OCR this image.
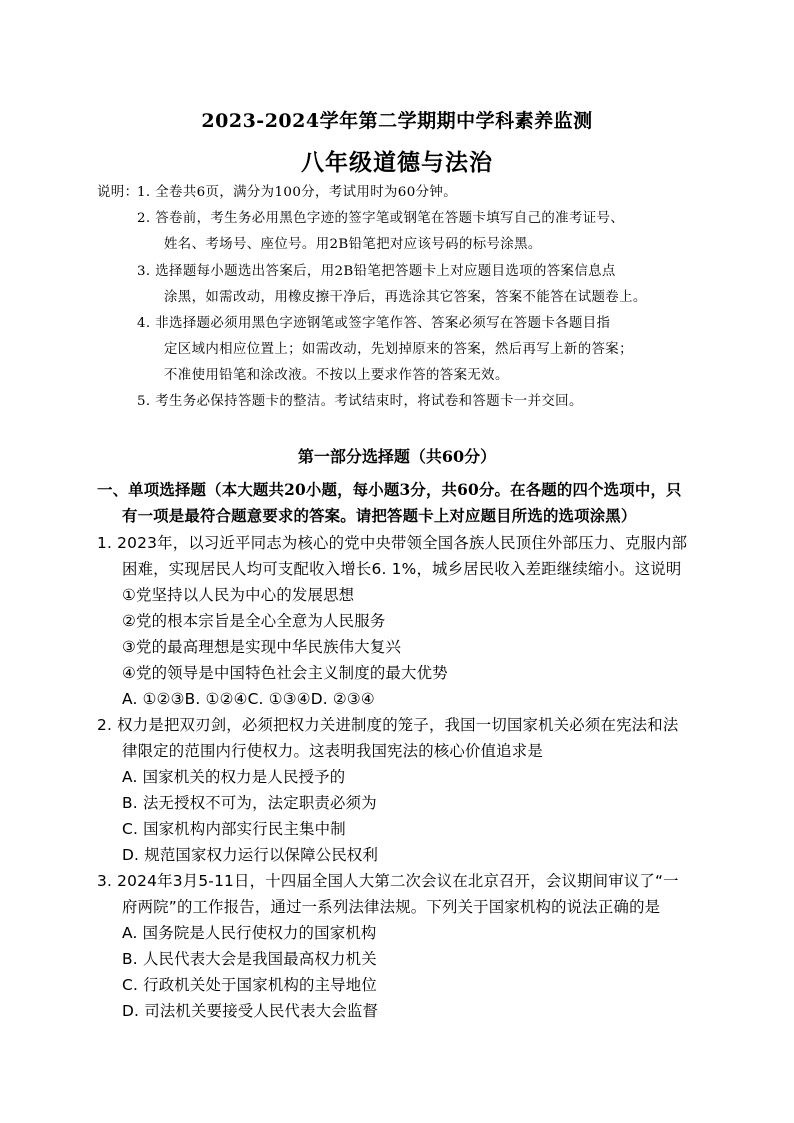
2023-2024学年第二学期期中学科素养监测
八年级道德与法治
说明：
1. 全卷共6页，满分为100分，考试用时为60分钟。
2. 答卷前，考生务必用黑色字迹的签字笔或钢笔在答题卡填写自己的准考证号、
姓名、考场号、座位号。用2B铅笔把对应该号码的标号涂黑。
3. 选择题每小题选出答案后，用2B铅笔把答题卡上对应题目选项的答案信息点
涂黑，如需改动，用橡皮擦干净后，再选涂其它答案，答案不能答在试题卷上。
4. 非选择题必须用黑色字迹钢笔或签字笔作答、答案必须写在答题卡各题目指
定区域内相应位置上；如需改动，先划掉原来的答案，然后再写上新的答案；
不准使用铅笔和涂改液。不按以上要求作答的答案无效。
5. 考生务必保持答题卡的整洁。考试结束时，将试卷和答题卡一并交回。
第一部分选择题（共60分）
一、单项选择题（本大题共20小题，每小题3分，共60分。在各题的四个选项中，只
有一项是最符合题意要求的答案。请把答题卡上对应题目所选的选项涂黑）
1. 2023年，以习近平同志为核心的党中央带领全国各族人民顶住外部压力、克服内部
困难，实现居民人均可支配收入增长6. 1%，城乡居民收入差距继续缩小。这说明
①党坚持以人民为中心的发展思想
②党的根本宗旨是全心全意为人民服务
③党的最高理想是实现中华民族伟大复兴
④党的领导是中国特色社会主义制度的最大优势
A. ①②③B. ①②④C. ①③④D. ②③④
2. 权力是把双刃剑，必须把权力关进制度的笼子，我国一切国家机关必须在宪法和法
律限定的范围内行使权力。这表明我国宪法的核心价值追求是
A. 国家机关的权力是人民授予的
B. 法无授权不可为，法定职责必须为
C. 国家机构内部实行民主集中制
D. 规范国家权力运行以保障公民权利
3. 2024年3月5-11日，十四届全国人大第二次会议在北京召开，会议期间审议了“一
府两院”的工作报告，通过一系列法律法规。下列关于国家机构的说法正确的是
A. 国务院是人民行使权力的国家机构
B. 人民代表大会是我国最高权力机关
C. 行政机关处于国家机构的主导地位
D. 司法机关要接受人民代表大会监督
